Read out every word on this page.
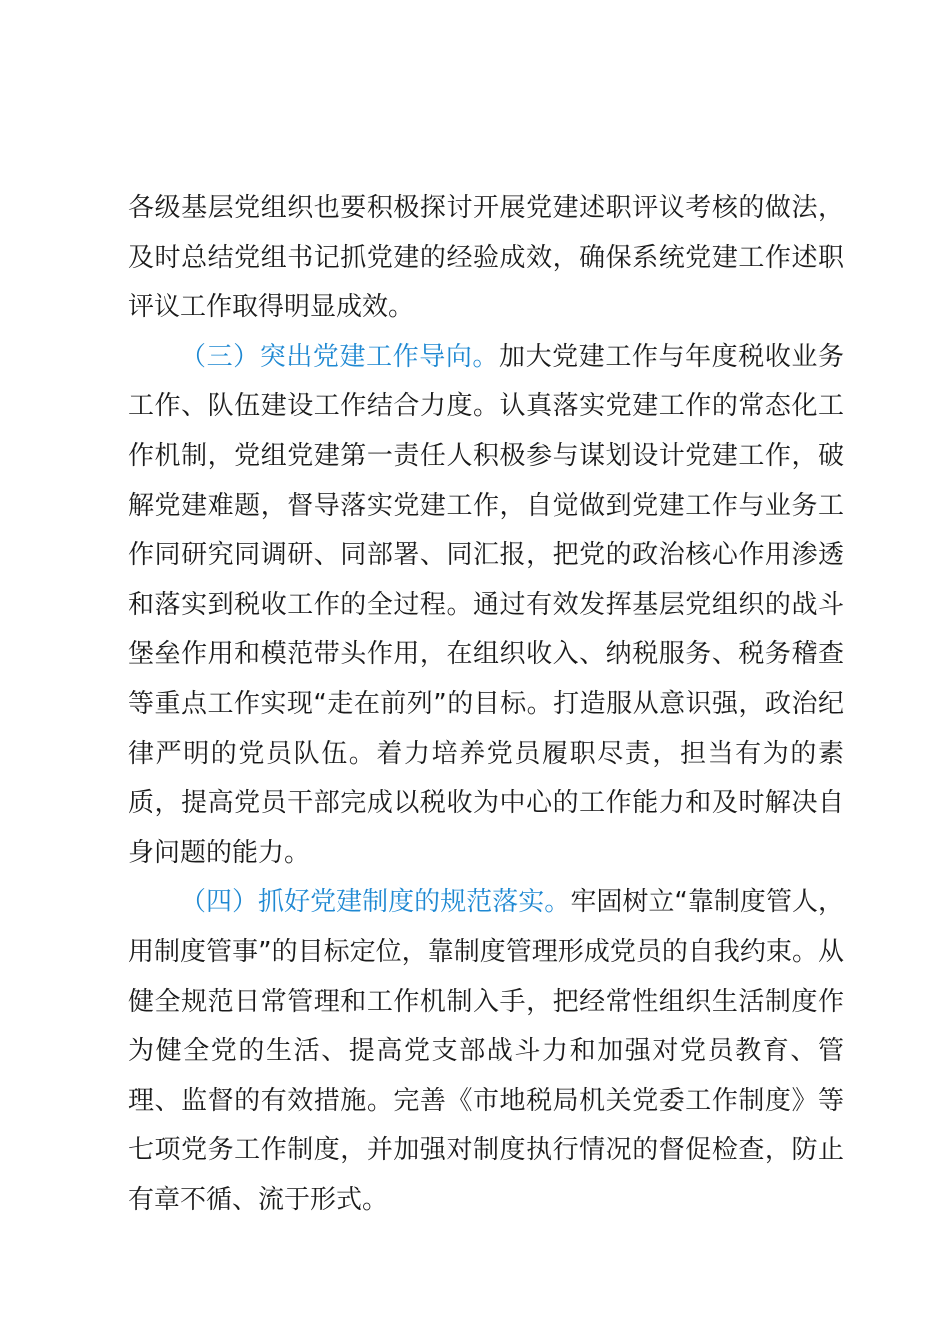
各级基层党组织也要积极探讨开展党建述职评议考核的做法，及时总结党组书记抓党建的经验成效，确保系统党建工作述职评议工作取得明显成效。

（三）突出党建工作导向。加大党建工作与年度税收业务工作、队伍建设工作结合力度。认真落实党建工作的常态化工作机制，党组党建第一责任人积极参与谋划设计党建工作，破解党建难题，督导落实党建工作，自觉做到党建工作与业务工作同研究同调研、同部署、同汇报，把党的政治核心作用渗透和落实到税收工作的全过程。通过有效发挥基层党组织的战斗堡垒作用和模范带头作用，在组织收入、纳税服务、税务稽查等重点工作实现“走在前列”的目标。打造服从意识强，政治纪律严明的党员队伍。着力培养党员履职尽责，担当有为的素质，提高党员干部完成以税收为中心的工作能力和及时解决自身问题的能力。

（四）抓好党建制度的规范落实。牢固树立“靠制度管人，用制度管事”的目标定位，靠制度管理形成党员的自我约束。从健全规范日常管理和工作机制入手，把经常性组织生活制度作为健全党的生活、提高党支部战斗力和加强对党员教育、管理、监督的有效措施。完善《市地税局机关党委工作制度》等七项党务工作制度，并加强对制度执行情况的督促检查，防止有章不循、流于形式。
